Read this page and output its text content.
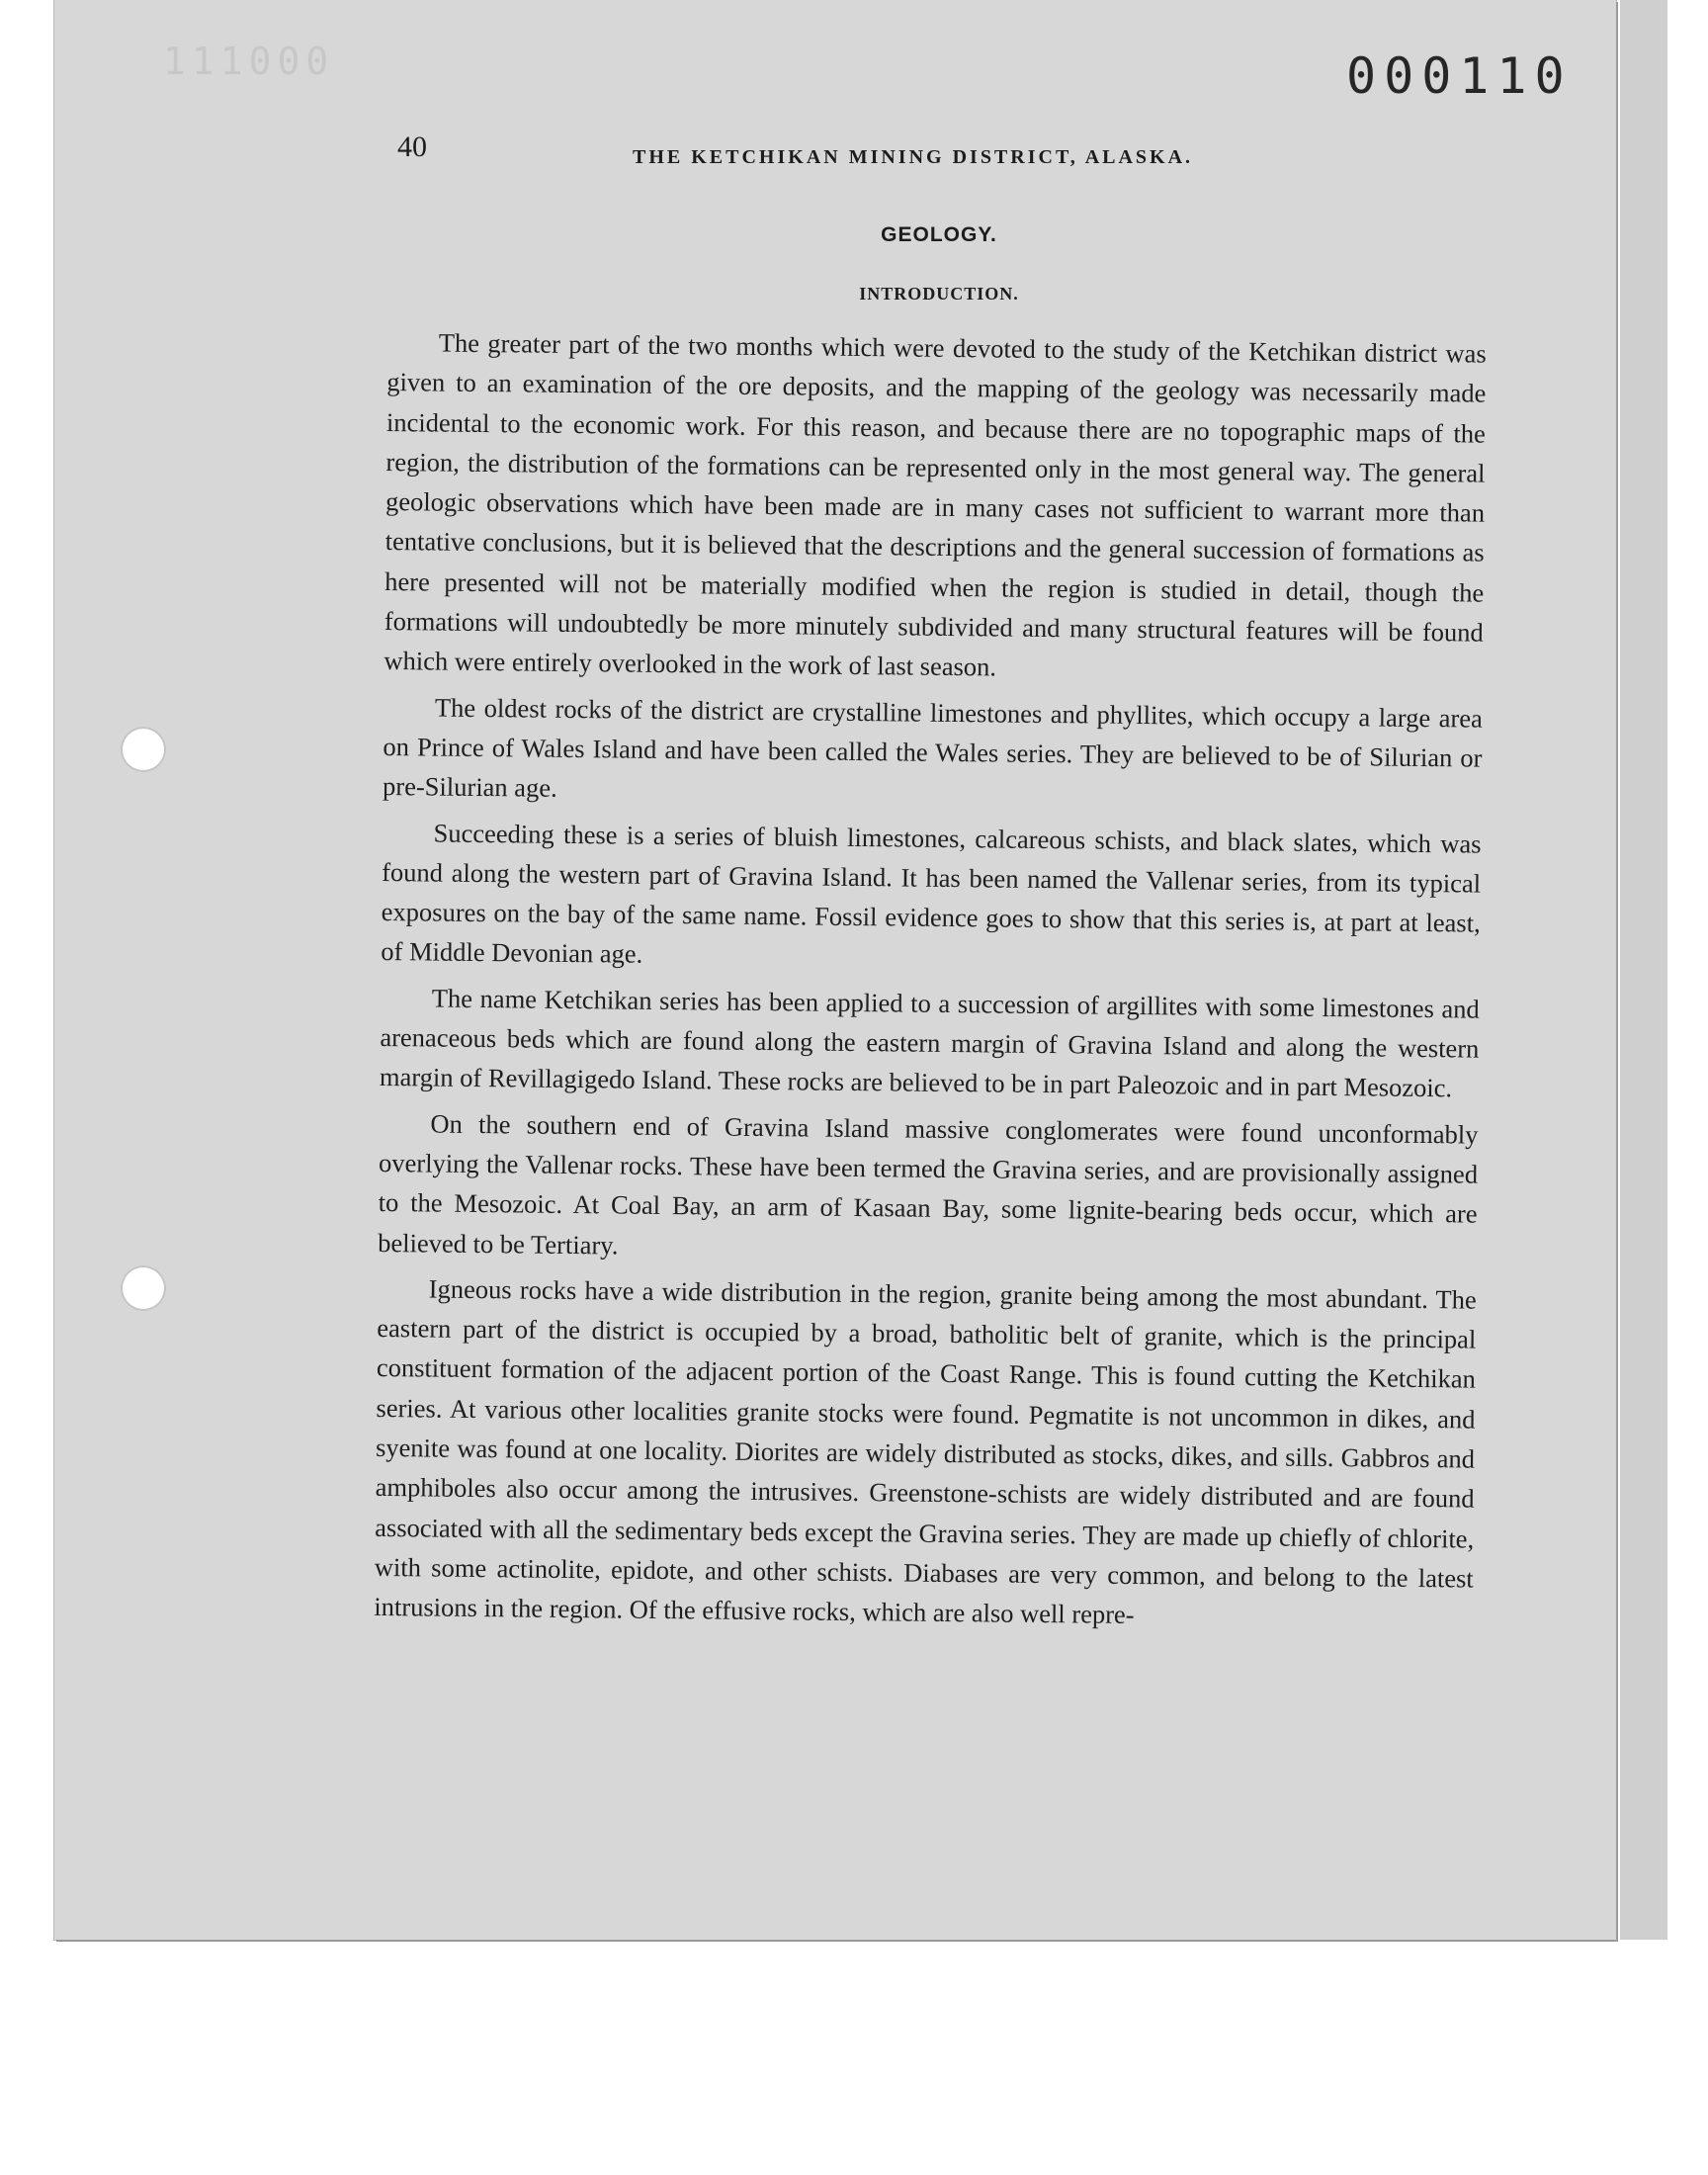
111000	000110
40	THE KETCHIKAN MINING DISTRICT, ALASKA.
GEOLOGY.
INTRODUCTION.

The greater part of the two months which were devoted to the study of the Ketchikan district was given to an examination of the ore deposits, and the mapping of the geology was necessarily made incidental to the economic work. For this reason, and because there are no topographic maps of the region, the distribution of the formations can be represented only in the most general way. The general geologic observations which have been made are in many cases not sufficient to warrant more than tentative conclusions, but it is believed that the descriptions and the general succession of formations as here presented will not be materially modified when the region is studied in detail, though the formations will undoubtedly be more minutely subdivided and many structural features will be found which were entirely overlooked in the work of last season.

The oldest rocks of the district are crystalline limestones and phyllites, which occupy a large area on Prince of Wales Island and have been called the Wales series. They are believed to be of Silurian or pre-Silurian age.

Succeeding these is a series of bluish limestones, calcareous schists, and black slates, which was found along the western part of Gravina Island. It has been named the Vallenar series, from its typical exposures on the bay of the same name. Fossil evidence goes to show that this series is, at part at least, of Middle Devonian age.

The name Ketchikan series has been applied to a succession of argillites with some limestones and arenaceous beds which are found along the eastern margin of Gravina Island and along the western margin of Revillagigedo Island. These rocks are believed to be in part Paleozoic and in part Mesozoic.

On the southern end of Gravina Island massive conglomerates were found unconformably overlying the Vallenar rocks. These have been termed the Gravina series, and are provisionally assigned to the Mesozoic. At Coal Bay, an arm of Kasaan Bay, some lignite-bearing beds occur, which are believed to be Tertiary.

Igneous rocks have a wide distribution in the region, granite being among the most abundant. The eastern part of the district is occupied by a broad, batholitic belt of granite, which is the principal constituent formation of the adjacent portion of the Coast Range. This is found cutting the Ketchikan series. At various other localities granite stocks were found. Pegmatite is not uncommon in dikes, and syenite was found at one locality. Diorites are widely distributed as stocks, dikes, and sills. Gabbros and amphiboles also occur among the intrusives. Greenstone-schists are widely distributed and are found associated with all the sedimentary beds except the Gravina series. They are made up chiefly of chlorite, with some actinolite, epidote, and other schists. Diabases are very common, and belong to the latest intrusions in the region. Of the effusive rocks, which are also well repre-
